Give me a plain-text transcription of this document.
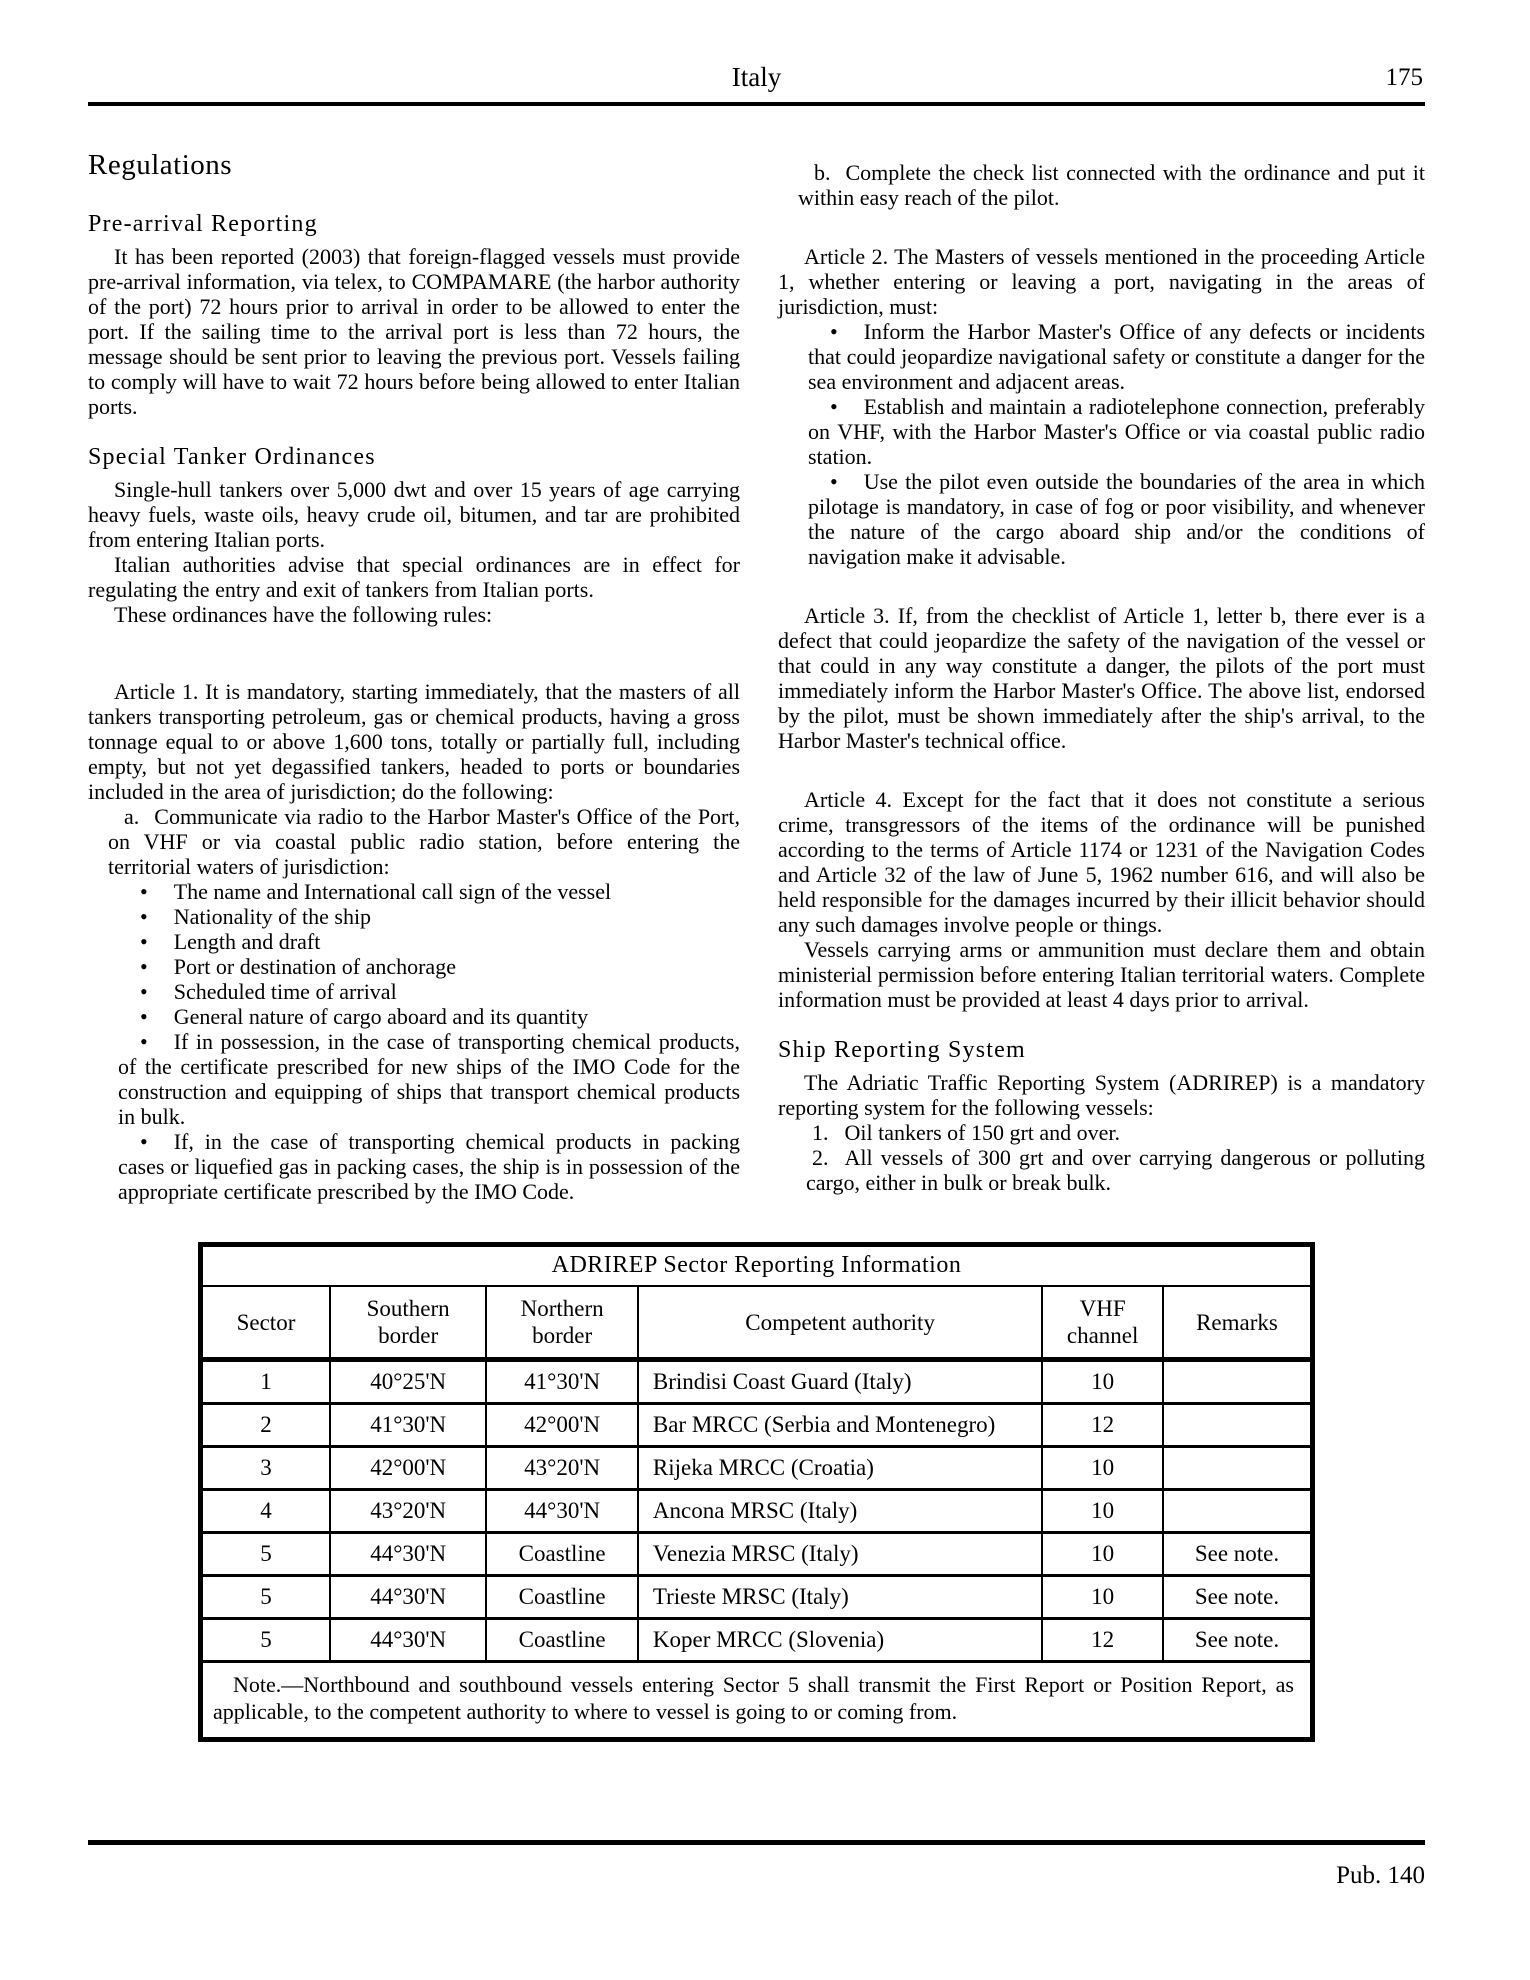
Italy	175
Regulations
Pre-arrival Reporting

It has been reported (2003) that foreign-flagged vessels must provide pre-arrival information, via telex, to COMPAMARE (the harbor authority of the port) 72 hours prior to arrival in order to be allowed to enter the port. If the sailing time to the arrival port is less than 72 hours, the message should be sent prior to leaving the previous port. Vessels failing to comply will have to wait 72 hours before being allowed to enter Italian ports.

Special Tanker Ordinances

Single-hull tankers over 5,000 dwt and over 15 years of age carrying heavy fuels, waste oils, heavy crude oil, bitumen, and tar are prohibited from entering Italian ports.

Italian authorities advise that special ordinances are in effect for regulating the entry and exit of tankers from Italian ports.

These ordinances have the following rules:

Article 1. It is mandatory, starting immediately, that the masters of all tankers transporting petroleum, gas or chemical products, having a gross tonnage equal to or above 1,600 tons, totally or partially full, including empty, but not yet degassified tankers, headed to ports or boundaries included in the area of jurisdiction; do the following:

a. Communicate via radio to the Harbor Master's Office of the Port, on VHF or via coastal public radio station, before entering the territorial waters of jurisdiction:

• The name and International call sign of the vessel

• Nationality of the ship

• Length and draft

• Port or destination of anchorage

• Scheduled time of arrival

• General nature of cargo aboard and its quantity

• If in possession, in the case of transporting chemical products, of the certificate prescribed for new ships of the IMO Code for the construction and equipping of ships that transport chemical products in bulk.

• If, in the case of transporting chemical products in packing cases or liquefied gas in packing cases, the ship is in possession of the appropriate certificate prescribed by the IMO Code.

b. Complete the check list connected with the ordinance and put it within easy reach of the pilot.

Article 2. The Masters of vessels mentioned in the proceeding Article 1, whether entering or leaving a port, navigating in the areas of jurisdiction, must:

• Inform the Harbor Master's Office of any defects or incidents that could jeopardize navigational safety or constitute a danger for the sea environment and adjacent areas.

• Establish and maintain a radiotelephone connection, preferably on VHF, with the Harbor Master's Office or via coastal public radio station.

• Use the pilot even outside the boundaries of the area in which pilotage is mandatory, in case of fog or poor visibility, and whenever the nature of the cargo aboard ship and/or the conditions of navigation make it advisable.

Article 3. If, from the checklist of Article 1, letter b, there ever is a defect that could jeopardize the safety of the navigation of the vessel or that could in any way constitute a danger, the pilots of the port must immediately inform the Harbor Master's Office. The above list, endorsed by the pilot, must be shown immediately after the ship's arrival, to the Harbor Master's technical office.

Article 4. Except for the fact that it does not constitute a serious crime, transgressors of the items of the ordinance will be punished according to the terms of Article 1174 or 1231 of the Navigation Codes and Article 32 of the law of June 5, 1962 number 616, and will also be held responsible for the damages incurred by their illicit behavior should any such damages involve people or things.

Vessels carrying arms or ammunition must declare them and obtain ministerial permission before entering Italian territorial waters. Complete information must be provided at least 4 days prior to arrival.

Ship Reporting System

The Adriatic Traffic Reporting System (ADRIREP) is a mandatory reporting system for the following vessels:

1. Oil tankers of 150 grt and over.

2. All vessels of 300 grt and over carrying dangerous or polluting cargo, either in bulk or break bulk.

ADRIREP Sector Reporting Information					
Sector	Southern border	Northern border	Competent authority	VHF channel	Remarks
1	40°25'N	41°30'N	Brindisi Coast Guard (Italy)	10	
2	41°30'N	42°00'N	Bar MRCC (Serbia and Montenegro)	12	
3	42°00'N	43°20'N	Rijeka MRCC (Croatia)	10	
4	43°20'N	44°30'N	Ancona MRSC (Italy)	10	
5	44°30'N	Coastline	Venezia MRSC (Italy)	10	See note.
5	44°30'N	Coastline	Trieste MRSC (Italy)	10	See note.
5	44°30'N	Coastline	Koper MRCC (Slovenia)	12	See note.
Note.—Northbound and southbound vessels entering Sector 5 shall transmit the First Report or Position Report, as applicable, to the competent authority to where to vessel is going to or coming from.					
Pub. 140
